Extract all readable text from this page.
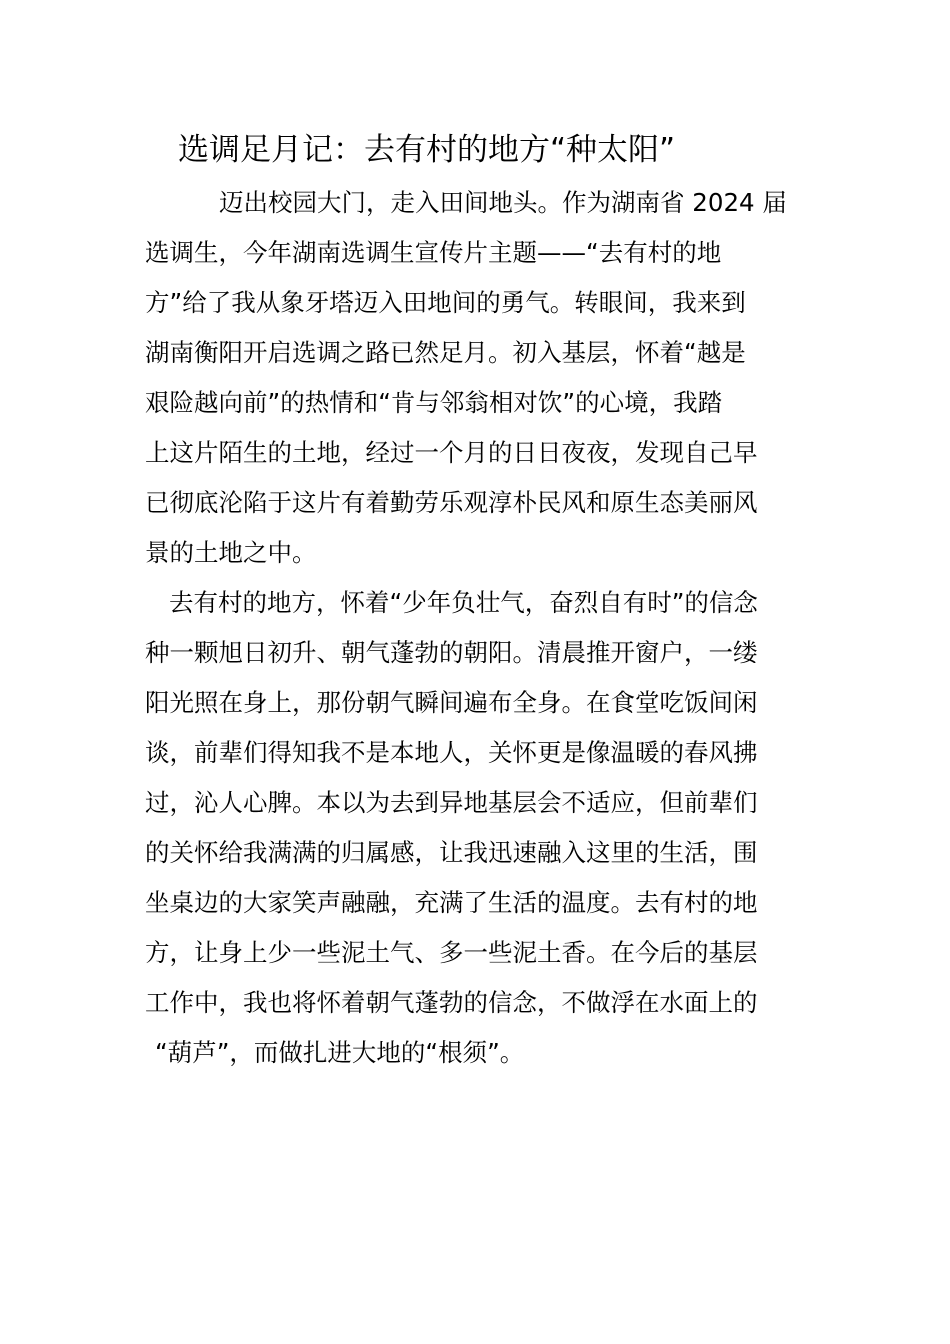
选调足月记：去有村的地方“种太阳”
迈出校园大门，走入田间地头。作为湖南省 2024 届
选调生，今年湖南选调生宣传片主题——“去有村的地
方”给了我从象牙塔迈入田地间的勇气。转眼间，我来到
湖南衡阳开启选调之路已然足月。初入基层，怀着“越是
艰险越向前”的热情和“肯与邻翁相对饮”的心境，我踏
上这片陌生的土地，经过一个月的日日夜夜，发现自己早
已彻底沦陷于这片有着勤劳乐观淳朴民风和原生态美丽风
景的土地之中。
去有村的地方，怀着“少年负壮气，奋烈自有时”的信念
种一颗旭日初升、朝气蓬勃的朝阳。清晨推开窗户，一缕
阳光照在身上，那份朝气瞬间遍布全身。在食堂吃饭间闲
谈，前辈们得知我不是本地人，关怀更是像温暖的春风拂
过，沁人心脾。本以为去到异地基层会不适应，但前辈们
的关怀给我满满的归属感，让我迅速融入这里的生活，围
坐桌边的大家笑声融融，充满了生活的温度。去有村的地
方，让身上少一些泥土气、多一些泥土香。在今后的基层
工作中，我也将怀着朝气蓬勃的信念，不做浮在水面上的
“葫芦”，而做扎进大地的“根须”。
